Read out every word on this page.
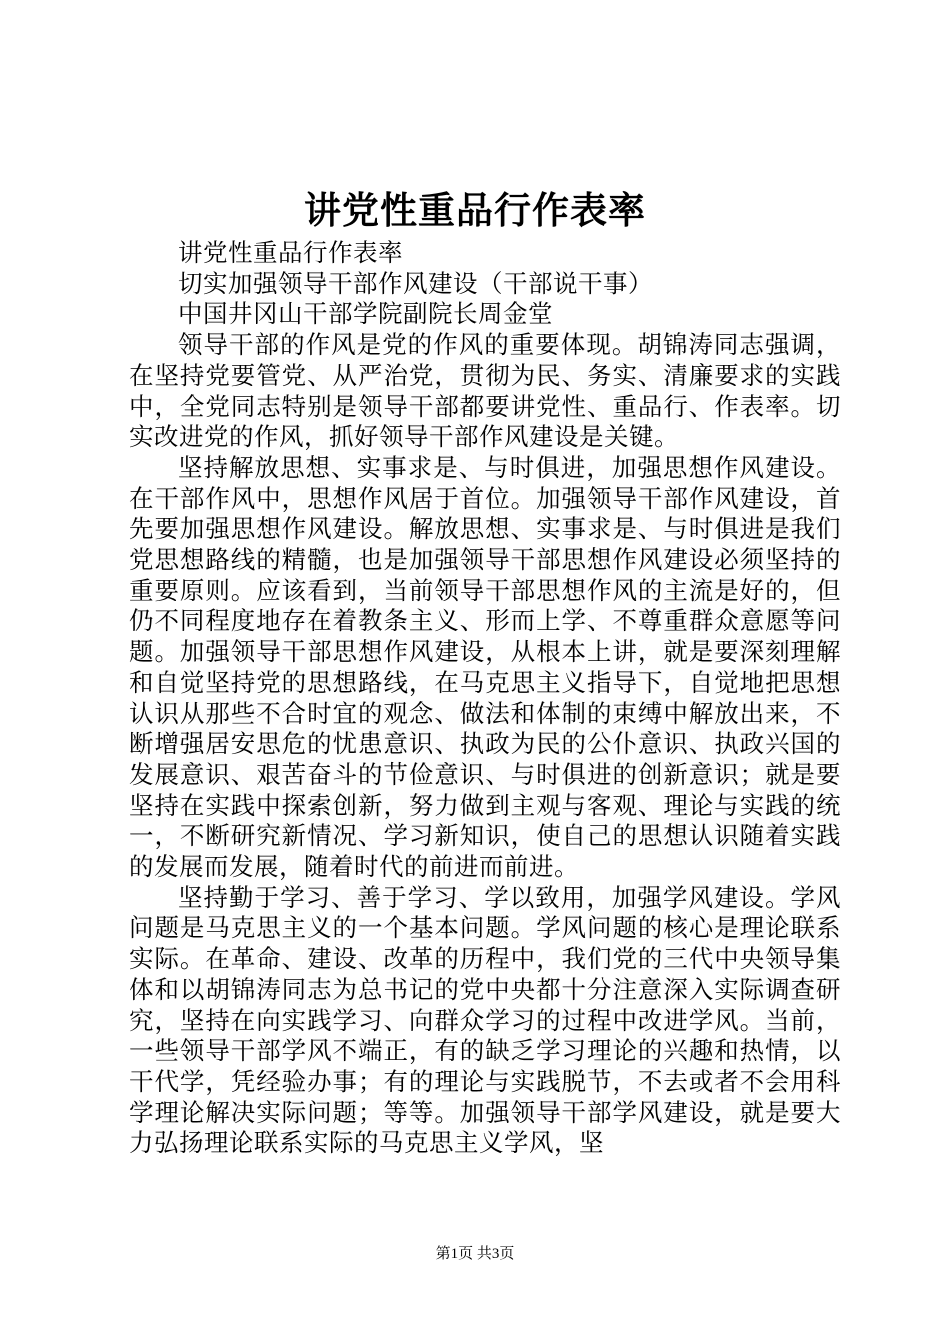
讲党性重品行作表率

讲党性重品行作表率

切实加强领导干部作风建设（干部说干事）

中国井冈山干部学院副院长周金堂

领导干部的作风是党的作风的重要体现。胡锦涛同志强调，在坚持党要管党、从严治党，贯彻为民、务实、清廉要求的实践中，全党同志特别是领导干部都要讲党性、重品行、作表率。切实改进党的作风，抓好领导干部作风建设是关键。

坚持解放思想、实事求是、与时俱进，加强思想作风建设。在干部作风中，思想作风居于首位。加强领导干部作风建设，首先要加强思想作风建设。解放思想、实事求是、与时俱进是我们党思想路线的精髓，也是加强领导干部思想作风建设必须坚持的重要原则。应该看到，当前领导干部思想作风的主流是好的，但仍不同程度地存在着教条主义、形而上学、不尊重群众意愿等问题。加强领导干部思想作风建设，从根本上讲，就是要深刻理解和自觉坚持党的思想路线，在马克思主义指导下，自觉地把思想认识从那些不合时宜的观念、做法和体制的束缚中解放出来，不断增强居安思危的忧患意识、执政为民的公仆意识、执政兴国的发展意识、艰苦奋斗的节俭意识、与时俱进的创新意识；就是要坚持在实践中探索创新，努力做到主观与客观、理论与实践的统一，不断研究新情况、学习新知识，使自己的思想认识随着实践的发展而发展，随着时代的前进而前进。

坚持勤于学习、善于学习、学以致用，加强学风建设。学风问题是马克思主义的一个基本问题。学风问题的核心是理论联系实际。在革命、建设、改革的历程中，我们党的三代中央领导集体和以胡锦涛同志为总书记的党中央都十分注意深入实际调查研究，坚持在向实践学习、向群众学习的过程中改进学风。当前，一些领导干部学风不端正，有的缺乏学习理论的兴趣和热情，以干代学，凭经验办事；有的理论与实践脱节，不去或者不会用科学理论解决实际问题；等等。加强领导干部学风建设，就是要大力弘扬理论联系实际的马克思主义学风，坚

第1页 共3页
